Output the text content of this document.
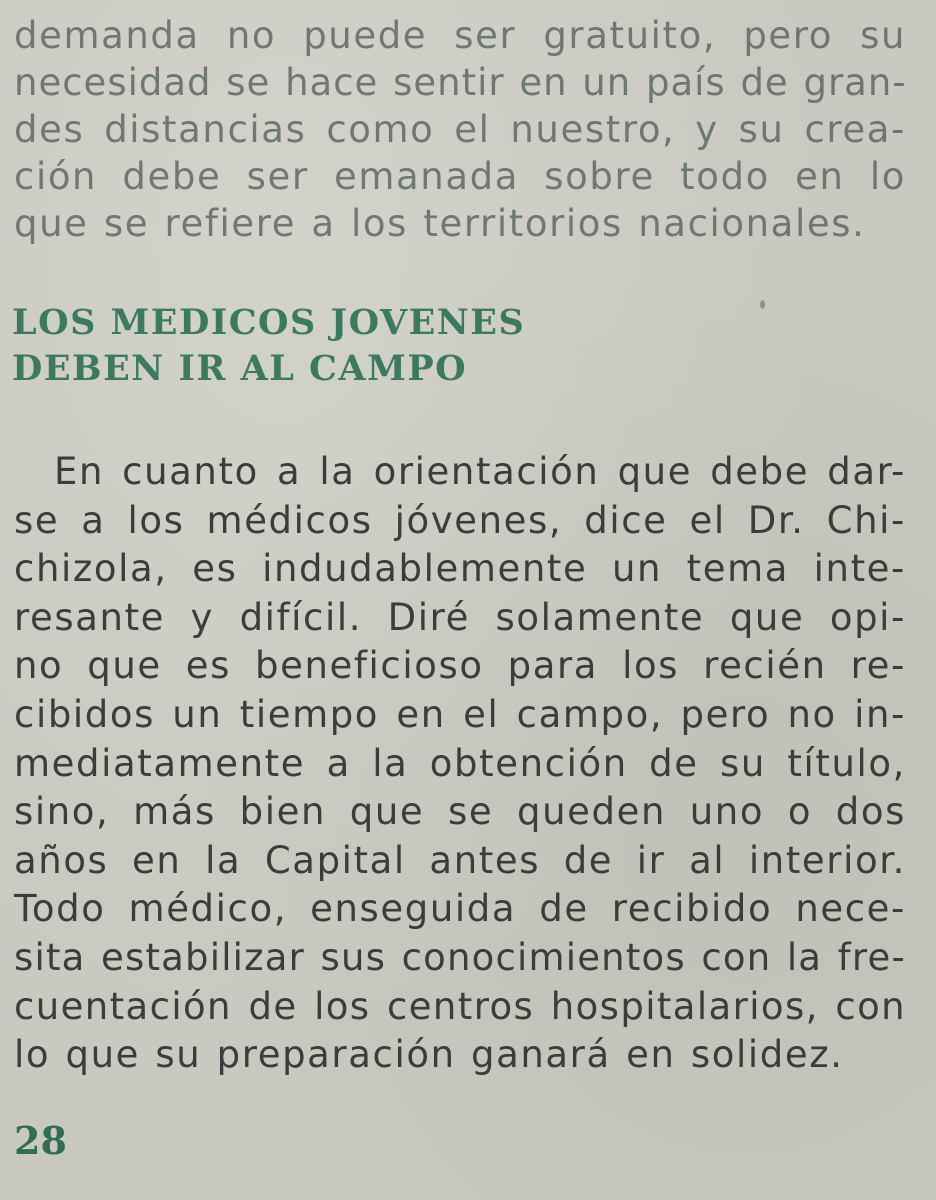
demanda no puede ser gratuito, pero su
necesidad se hace sentir en un país de gran-
des distancias como el nuestro, y su crea-
ción debe ser emanada sobre todo en lo
que se refiere a los territorios nacionales.
LOS MEDICOS JOVENES
DEBEN IR AL CAMPO
En cuanto a la orientación que debe dar-
se a los médicos jóvenes, dice el Dr. Chi-
chizola, es indudablemente un tema inte-
resante y difícil. Diré solamente que opi-
no que es beneficioso para los recién re-
cibidos un tiempo en el campo, pero no in-
mediatamente a la obtención de su título,
sino, más bien que se queden uno o dos
años en la Capital antes de ir al interior.
Todo médico, enseguida de recibido nece-
sita estabilizar sus conocimientos con la fre-
cuentación de los centros hospitalarios, con
lo que su preparación ganará en solidez.
28
